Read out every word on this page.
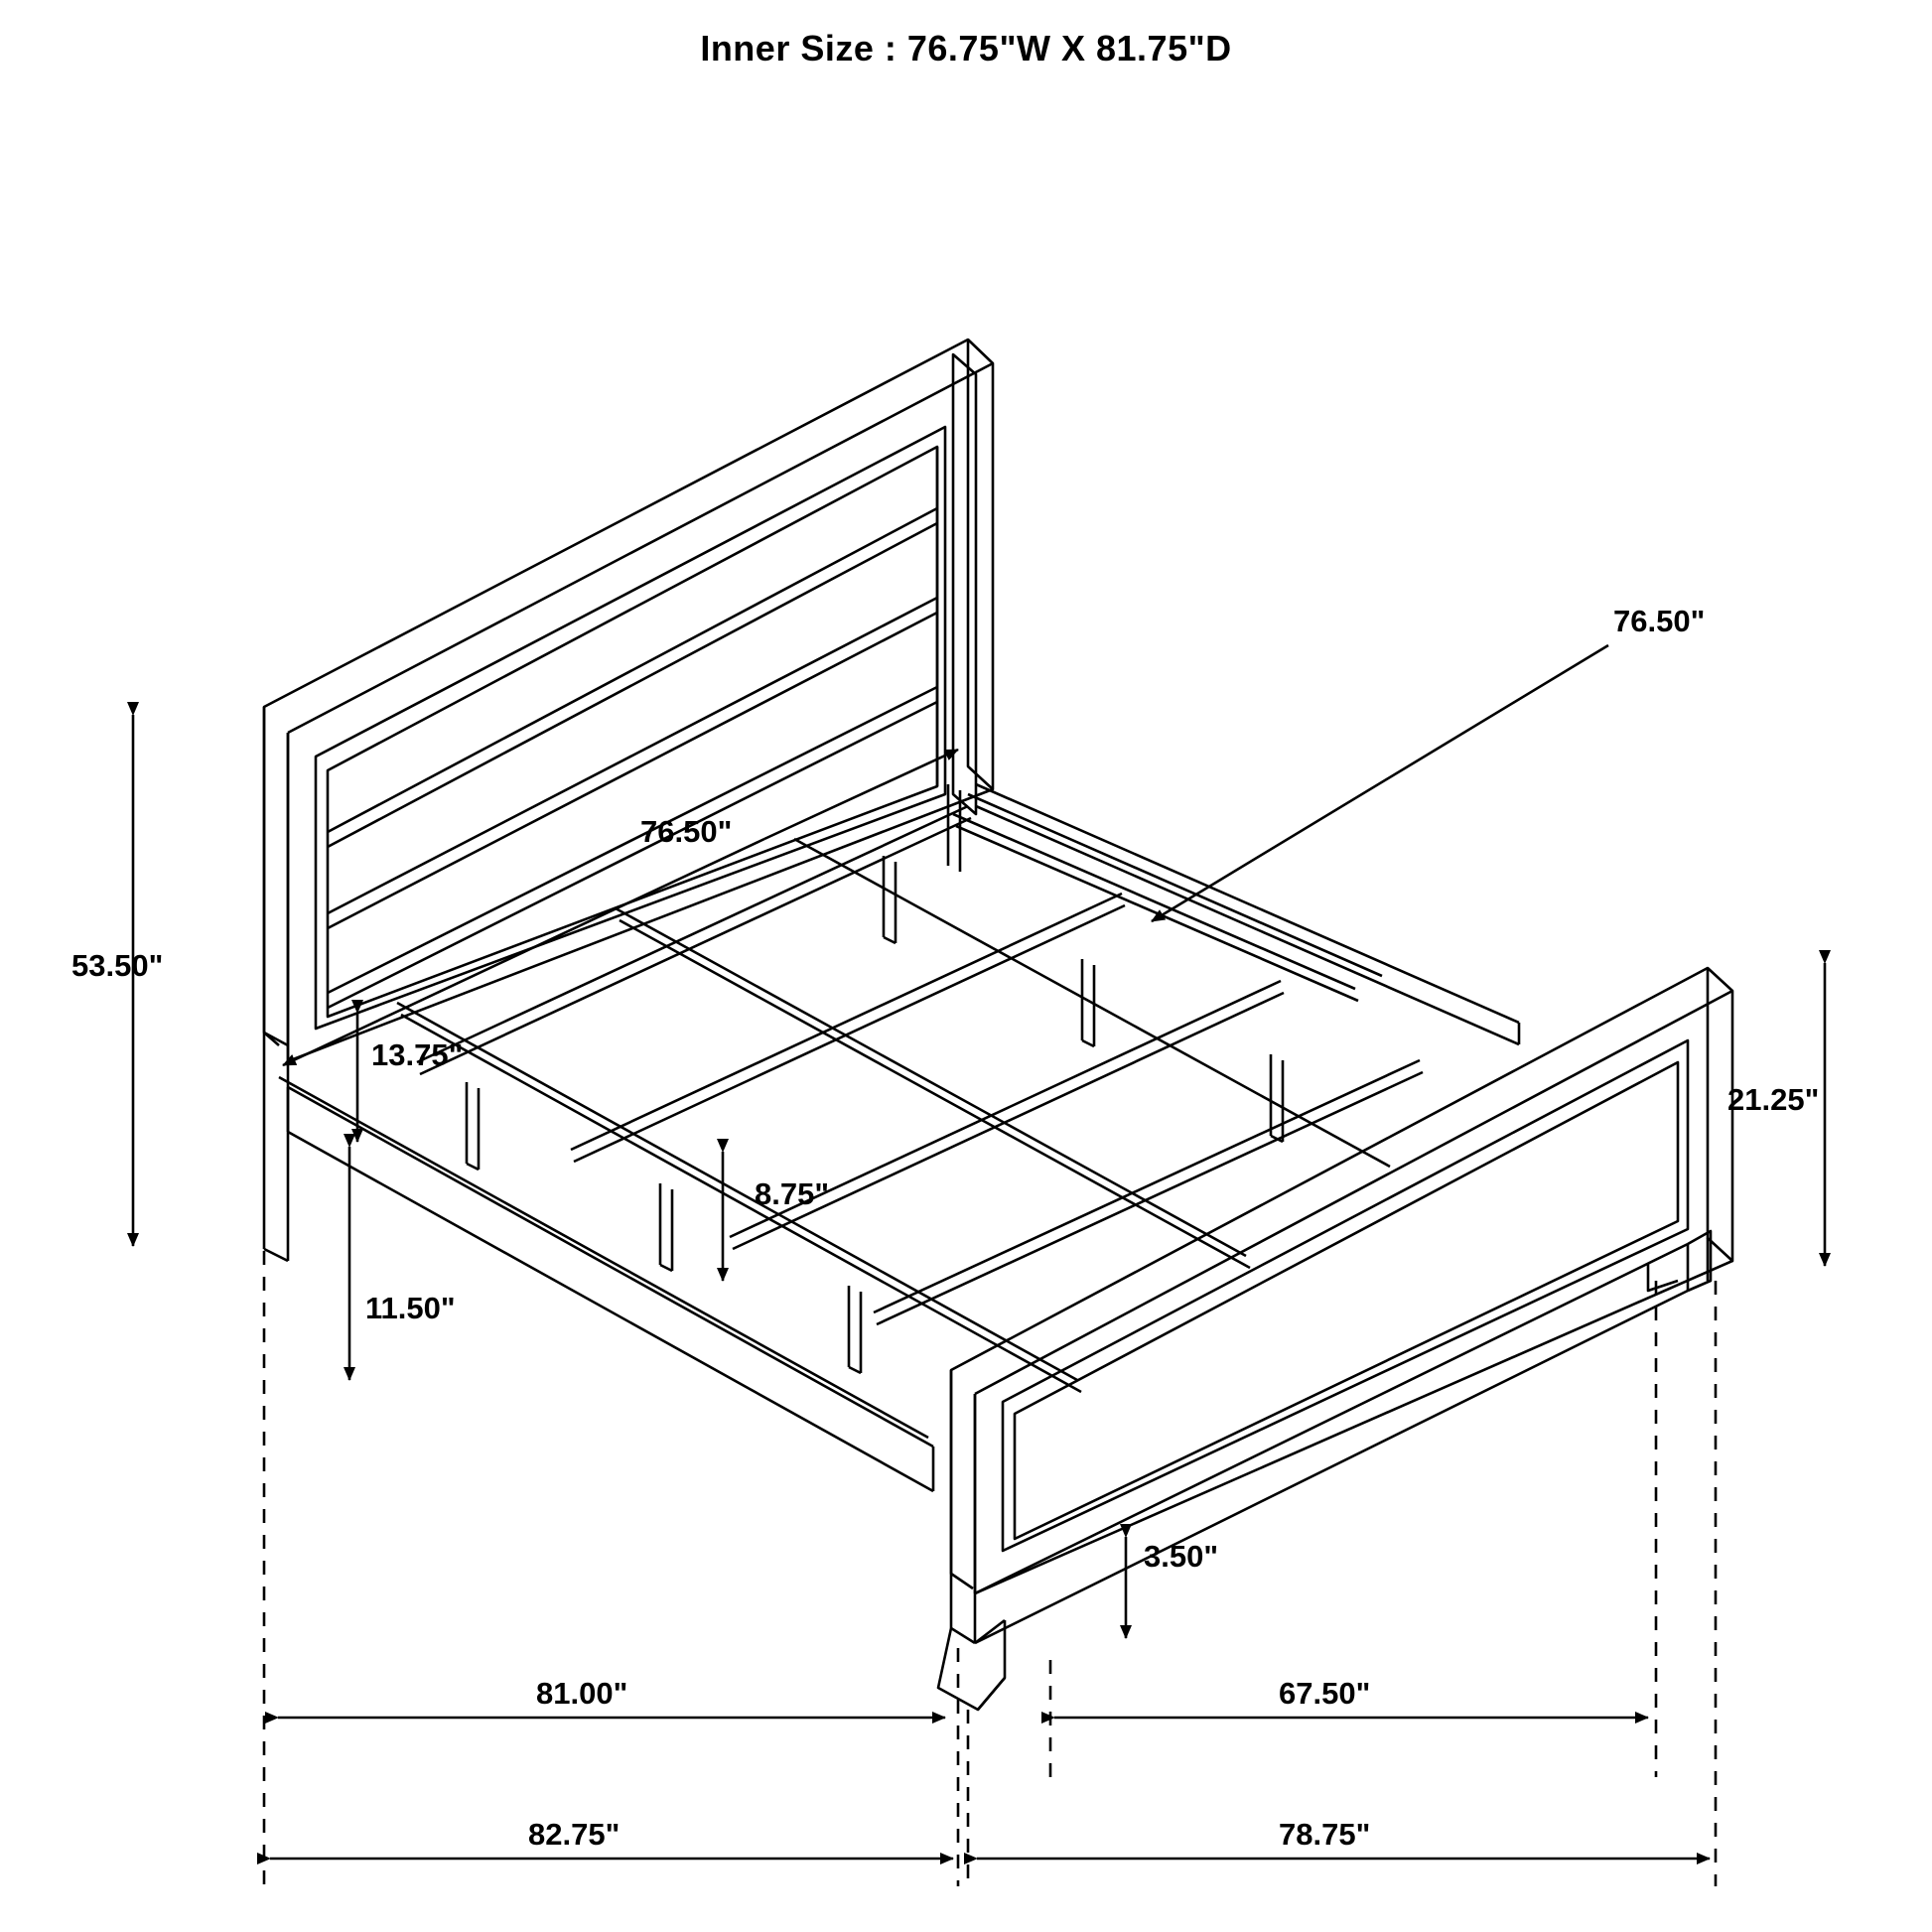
Inner Size : 76.75"W X 81.75"D
53.50"
76.50"
76.50"
13.75"
8.75"
11.50"
21.25"
3.50"
81.00"	67.50"
82.75"	78.75"
